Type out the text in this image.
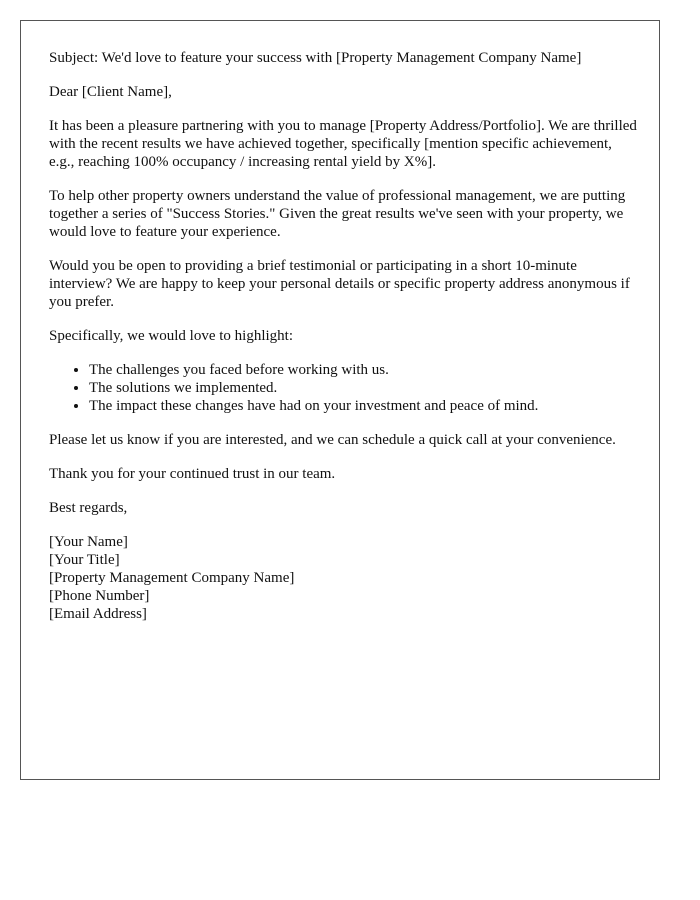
Subject: We'd love to feature your success with [Property Management Company Name]

Dear [Client Name],

It has been a pleasure partnering with you to manage [Property Address/Portfolio]. We are thrilled with the recent results we have achieved together, specifically [mention specific achievement, e.g., reaching 100% occupancy / increasing rental yield by X%].

To help other property owners understand the value of professional management, we are putting together a series of "Success Stories." Given the great results we've seen with your property, we would love to feature your experience.

Would you be open to providing a brief testimonial or participating in a short 10-minute interview? We are happy to keep your personal details or specific property address anonymous if you prefer.

Specifically, we would love to highlight:

• The challenges you faced before working with us.
• The solutions we implemented.
• The impact these changes have had on your investment and peace of mind.

Please let us know if you are interested, and we can schedule a quick call at your convenience.

Thank you for your continued trust in our team.

Best regards,

[Your Name]
[Your Title]
[Property Management Company Name]
[Phone Number]
[Email Address]
